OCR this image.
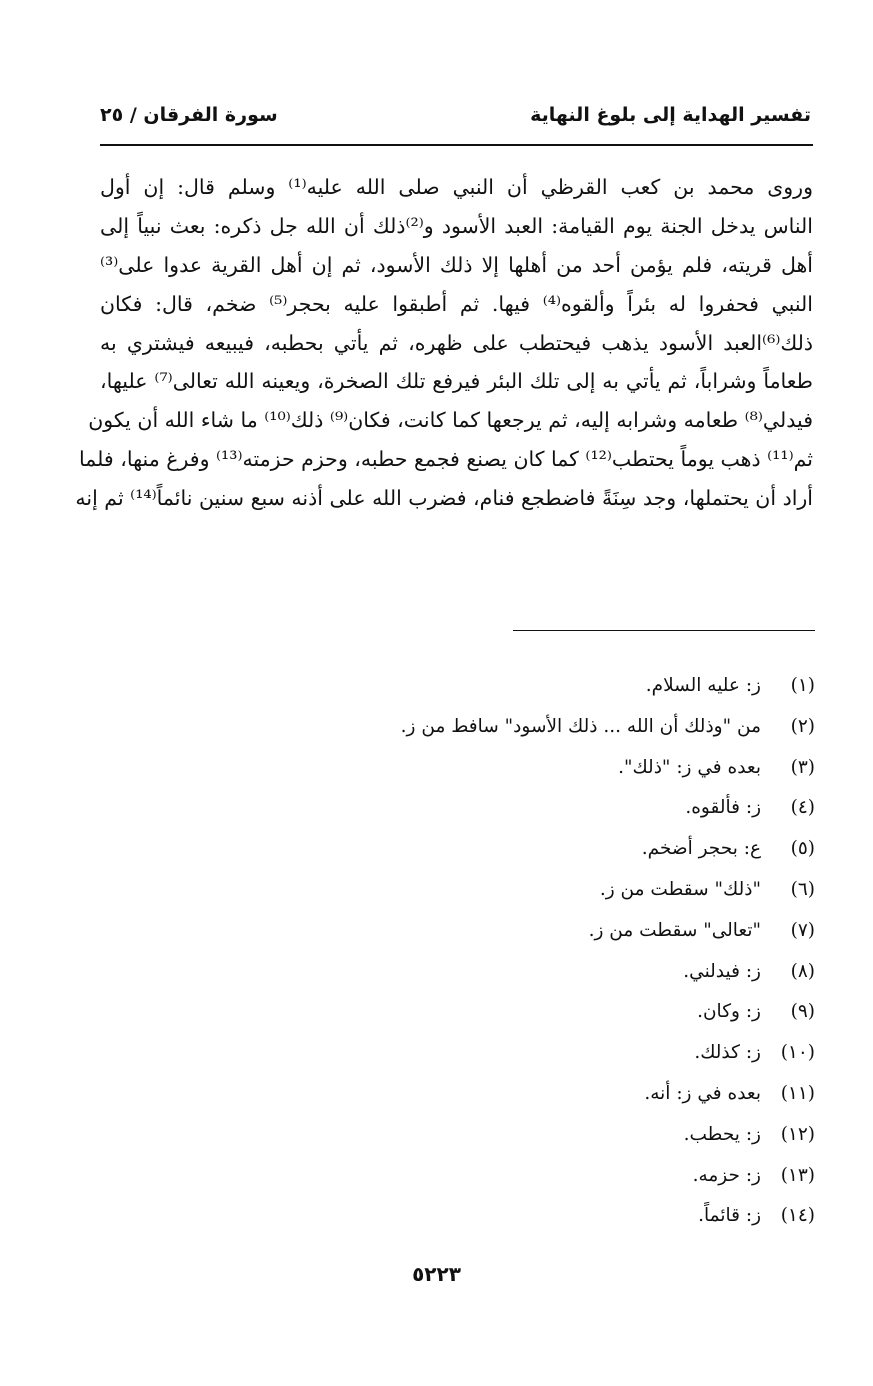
تفسير الهداية إلى بلوغ النهاية
سورة الفرقان / ٢٥
وروى محمد بن كعب القرظي أن النبي صلى الله عليه⁽¹⁾ وسلم قال: إن أول
الناس يدخل الجنة يوم القيامة: العبد الأسود و⁽²⁾ذلك أن الله جل ذكره: بعث نبياً إلى
أهل قريته، فلم يؤمن أحد من أهلها إلا ذلك الأسود، ثم إن أهل القرية عدوا على⁽³⁾
النبي فحفروا له بئراً وألقوه⁽⁴⁾ فيها. ثم أطبقوا عليه بحجر⁽⁵⁾ ضخم، قال: فكان
ذلك⁽⁶⁾العبد الأسود يذهب فيحتطب على ظهره، ثم يأتي بحطبه، فيبيعه فيشتري به
طعاماً وشراباً، ثم يأتي به إلى تلك البئر فيرفع تلك الصخرة، ويعينه الله تعالى⁽⁷⁾ عليها،
فيدلي⁽⁸⁾ طعامه وشرابه إليه، ثم يرجعها كما كانت، فكان⁽⁹⁾ ذلك⁽¹⁰⁾ ما شاء الله أن يكون
ثم⁽¹¹⁾ ذهب يوماً يحتطب⁽¹²⁾ كما كان يصنع فجمع حطبه، وحزم حزمته⁽¹³⁾ وفرغ منها، فلما
أراد أن يحتملها، وجد سِنَةً فاضطجع فنام، فضرب الله على أذنه سبع سنين نائماً⁽¹⁴⁾ ثم إنه
(١)
ز: عليه السلام.
(٢)
من "وذلك أن الله ... ذلك الأسود" سافط من ز.
(٣)
بعده في ز: "ذلك".
(٤)
ز: فألقوه.
(٥)
ع: بحجر أضخم.
(٦)
"ذلك" سقطت من ز.
(٧)
"تعالى" سقطت من ز.
(٨)
ز: فيدلني.
(٩)
ز: وكان.
(١٠)
ز: كذلك.
(١١)
بعده في ز: أنه.
(١٢)
ز: يحطب.
(١٣)
ز: حزمه.
(١٤)
ز: قائماً.
٥٢٢٣
